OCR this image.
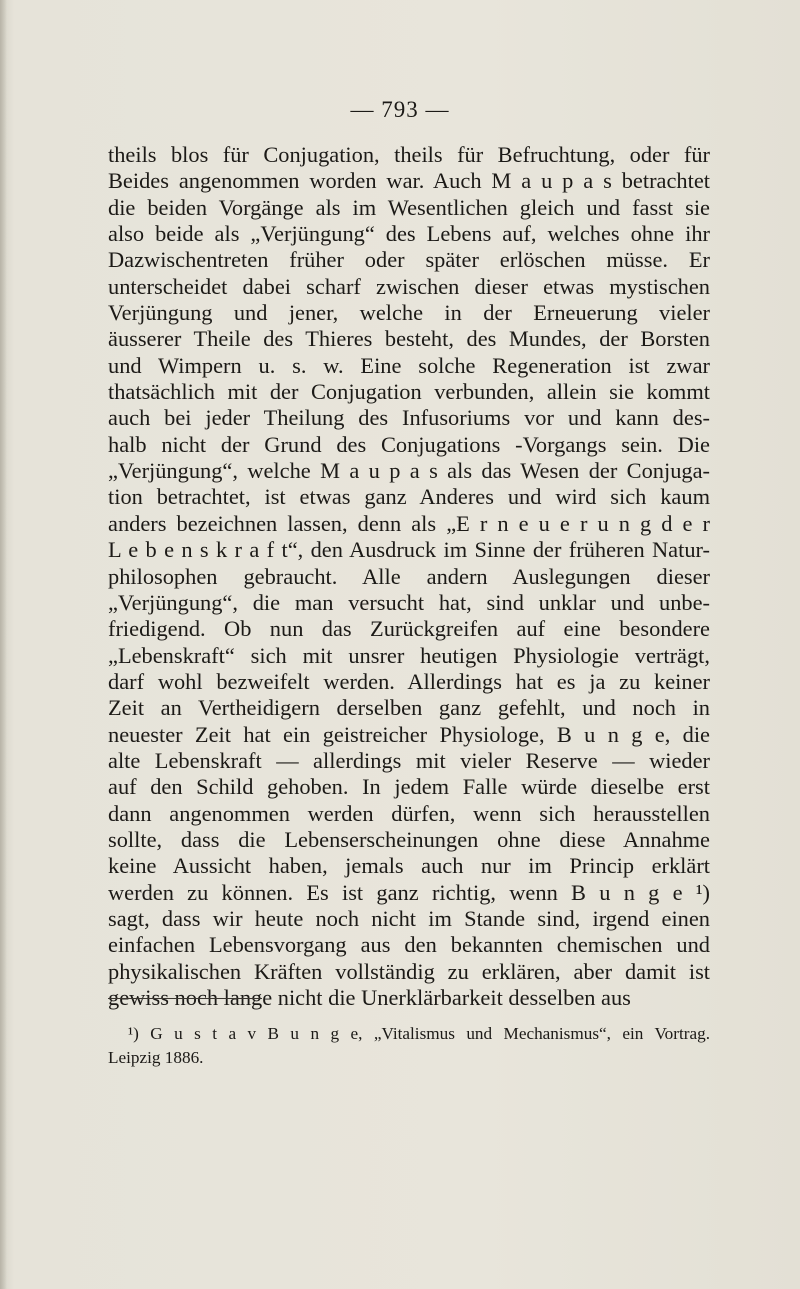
— 793 —
theils blos für Conjugation, theils für Befruchtung, oder für
Beides angenommen worden war. Auch M a u p a s betrachtet
die beiden Vorgänge als im Wesentlichen gleich und fasst sie
also beide als „Verjüngung“ des Lebens auf, welches ohne ihr
Dazwischentreten früher oder später erlöschen müsse. Er
unterscheidet dabei scharf zwischen dieser etwas mystischen
Verjüngung und jener, welche in der Erneuerung vieler
äusserer Theile des Thieres besteht, des Mundes, der Borsten
und Wimpern u. s. w. Eine solche Regeneration ist zwar
thatsächlich mit der Conjugation verbunden, allein sie kommt
auch bei jeder Theilung des Infusoriums vor und kann des-
halb nicht der Grund des Conjugations -Vorgangs sein. Die
„Verjüngung“, welche M a u p a s als das Wesen der Conjuga-
tion betrachtet, ist etwas ganz Anderes und wird sich kaum
anders bezeichnen lassen, denn als „E r n e u e r u n g d e r
L e b e n s k r a f t“, den Ausdruck im Sinne der früheren Natur-
philosophen gebraucht. Alle andern Auslegungen dieser
„Verjüngung“, die man versucht hat, sind unklar und unbe-
friedigend. Ob nun das Zurückgreifen auf eine besondere
„Lebenskraft“ sich mit unsrer heutigen Physiologie verträgt,
darf wohl bezweifelt werden. Allerdings hat es ja zu keiner
Zeit an Vertheidigern derselben ganz gefehlt, und noch in
neuester Zeit hat ein geistreicher Physiologe, B u n g e, die
alte Lebenskraft — allerdings mit vieler Reserve — wieder
auf den Schild gehoben. In jedem Falle würde dieselbe erst
dann angenommen werden dürfen, wenn sich herausstellen
sollte, dass die Lebenserscheinungen ohne diese Annahme
keine Aussicht haben, jemals auch nur im Princip erklärt
werden zu können. Es ist ganz richtig, wenn B u n g e ¹)
sagt, dass wir heute noch nicht im Stande sind, irgend einen
einfachen Lebensvorgang aus den bekannten chemischen und
physikalischen Kräften vollständig zu erklären, aber damit ist
gewiss noch lange nicht die Unerklärbarkeit desselben aus
¹) G u s t a v B u n g e, „Vitalismus und Mechanismus“, ein Vortrag.
Leipzig 1886.
